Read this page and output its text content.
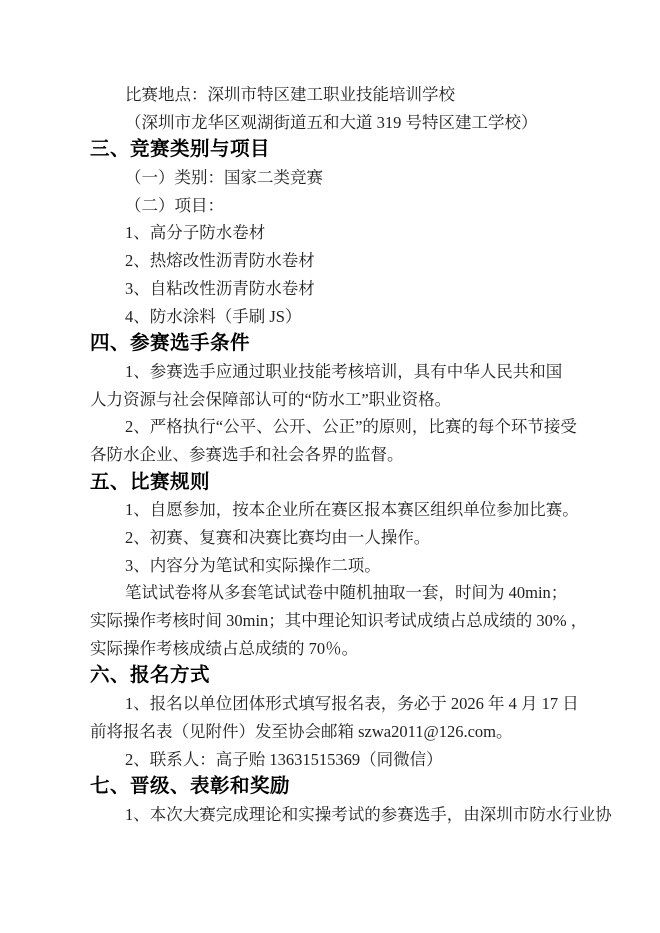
比赛地点：深圳市特区建工职业技能培训学校
（深圳市龙华区观湖街道五和大道 319 号特区建工学校）
三、竞赛类别与项目
（一）类别：国家二类竞赛
（二）项目：
1、高分子防水卷材
2、热熔改性沥青防水卷材
3、自粘改性沥青防水卷材
4、防水涂料（手刷 JS）
四、参赛选手条件
1、参赛选手应通过职业技能考核培训，具有中华人民共和国
人力资源与社会保障部认可的“防水工”职业资格。
2、严格执行“公平、公开、公正”的原则，比赛的每个环节接受
各防水企业、参赛选手和社会各界的监督。
五、比赛规则
1、自愿参加，按本企业所在赛区报本赛区组织单位参加比赛。
2、初赛、复赛和决赛比赛均由一人操作。
3、内容分为笔试和实际操作二项。
笔试试卷将从多套笔试试卷中随机抽取一套，时间为 40min；
实际操作考核时间 30min；其中理论知识考试成绩占总成绩的 30% ，
实际操作考核成绩占总成绩的 70％。
六、报名方式
1、报名以单位团体形式填写报名表，务必于 2026 年 4 月 17 日
前将报名表（见附件）发至协会邮箱 szwa2011@126.com。
2、联系人：高子贻 13631515369（同微信）
七、晋级、表彰和奖励
1、本次大赛完成理论和实操考试的参赛选手，由深圳市防水行业协
